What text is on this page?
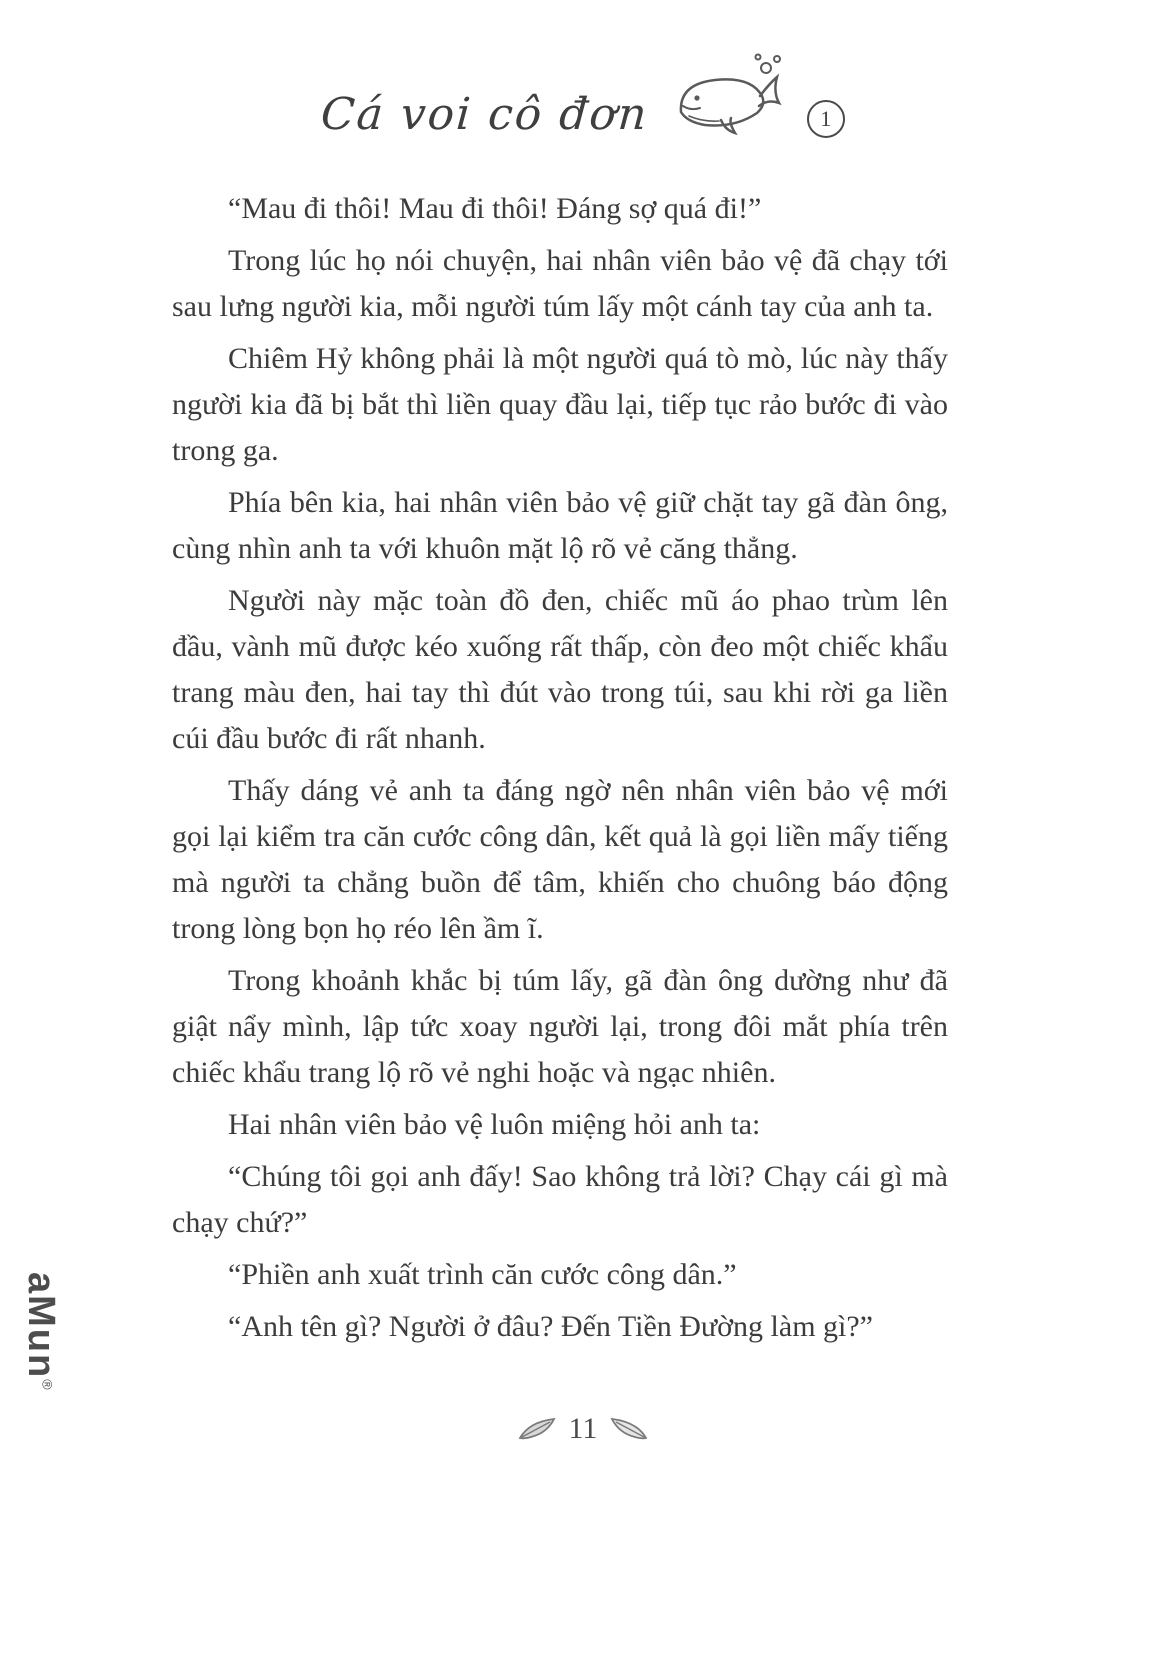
Cá voi cô đơn	1

“Mau đi thôi! Mau đi thôi! Đáng sợ quá đi!”

Trong lúc họ nói chuyện, hai nhân viên bảo vệ đã chạy tới sau lưng người kia, mỗi người túm lấy một cánh tay của anh ta.

Chiêm Hỷ không phải là một người quá tò mò, lúc này thấy người kia đã bị bắt thì liền quay đầu lại, tiếp tục rảo bước đi vào trong ga.

Phía bên kia, hai nhân viên bảo vệ giữ chặt tay gã đàn ông, cùng nhìn anh ta với khuôn mặt lộ rõ vẻ căng thẳng.

Người này mặc toàn đồ đen, chiếc mũ áo phao trùm lên đầu, vành mũ được kéo xuống rất thấp, còn đeo một chiếc khẩu trang màu đen, hai tay thì đút vào trong túi, sau khi rời ga liền cúi đầu bước đi rất nhanh.

Thấy dáng vẻ anh ta đáng ngờ nên nhân viên bảo vệ mới gọi lại kiểm tra căn cước công dân, kết quả là gọi liền mấy tiếng mà người ta chẳng buồn để tâm, khiến cho chuông báo động trong lòng bọn họ réo lên ầm ĩ.

Trong khoảnh khắc bị túm lấy, gã đàn ông dường như đã giật nẩy mình, lập tức xoay người lại, trong đôi mắt phía trên chiếc khẩu trang lộ rõ vẻ nghi hoặc và ngạc nhiên.

Hai nhân viên bảo vệ luôn miệng hỏi anh ta:

“Chúng tôi gọi anh đấy! Sao không trả lời? Chạy cái gì mà chạy chứ?”

“Phiền anh xuất trình căn cước công dân.”

“Anh tên gì? Người ở đâu? Đến Tiền Đường làm gì?”

11
aMun®
